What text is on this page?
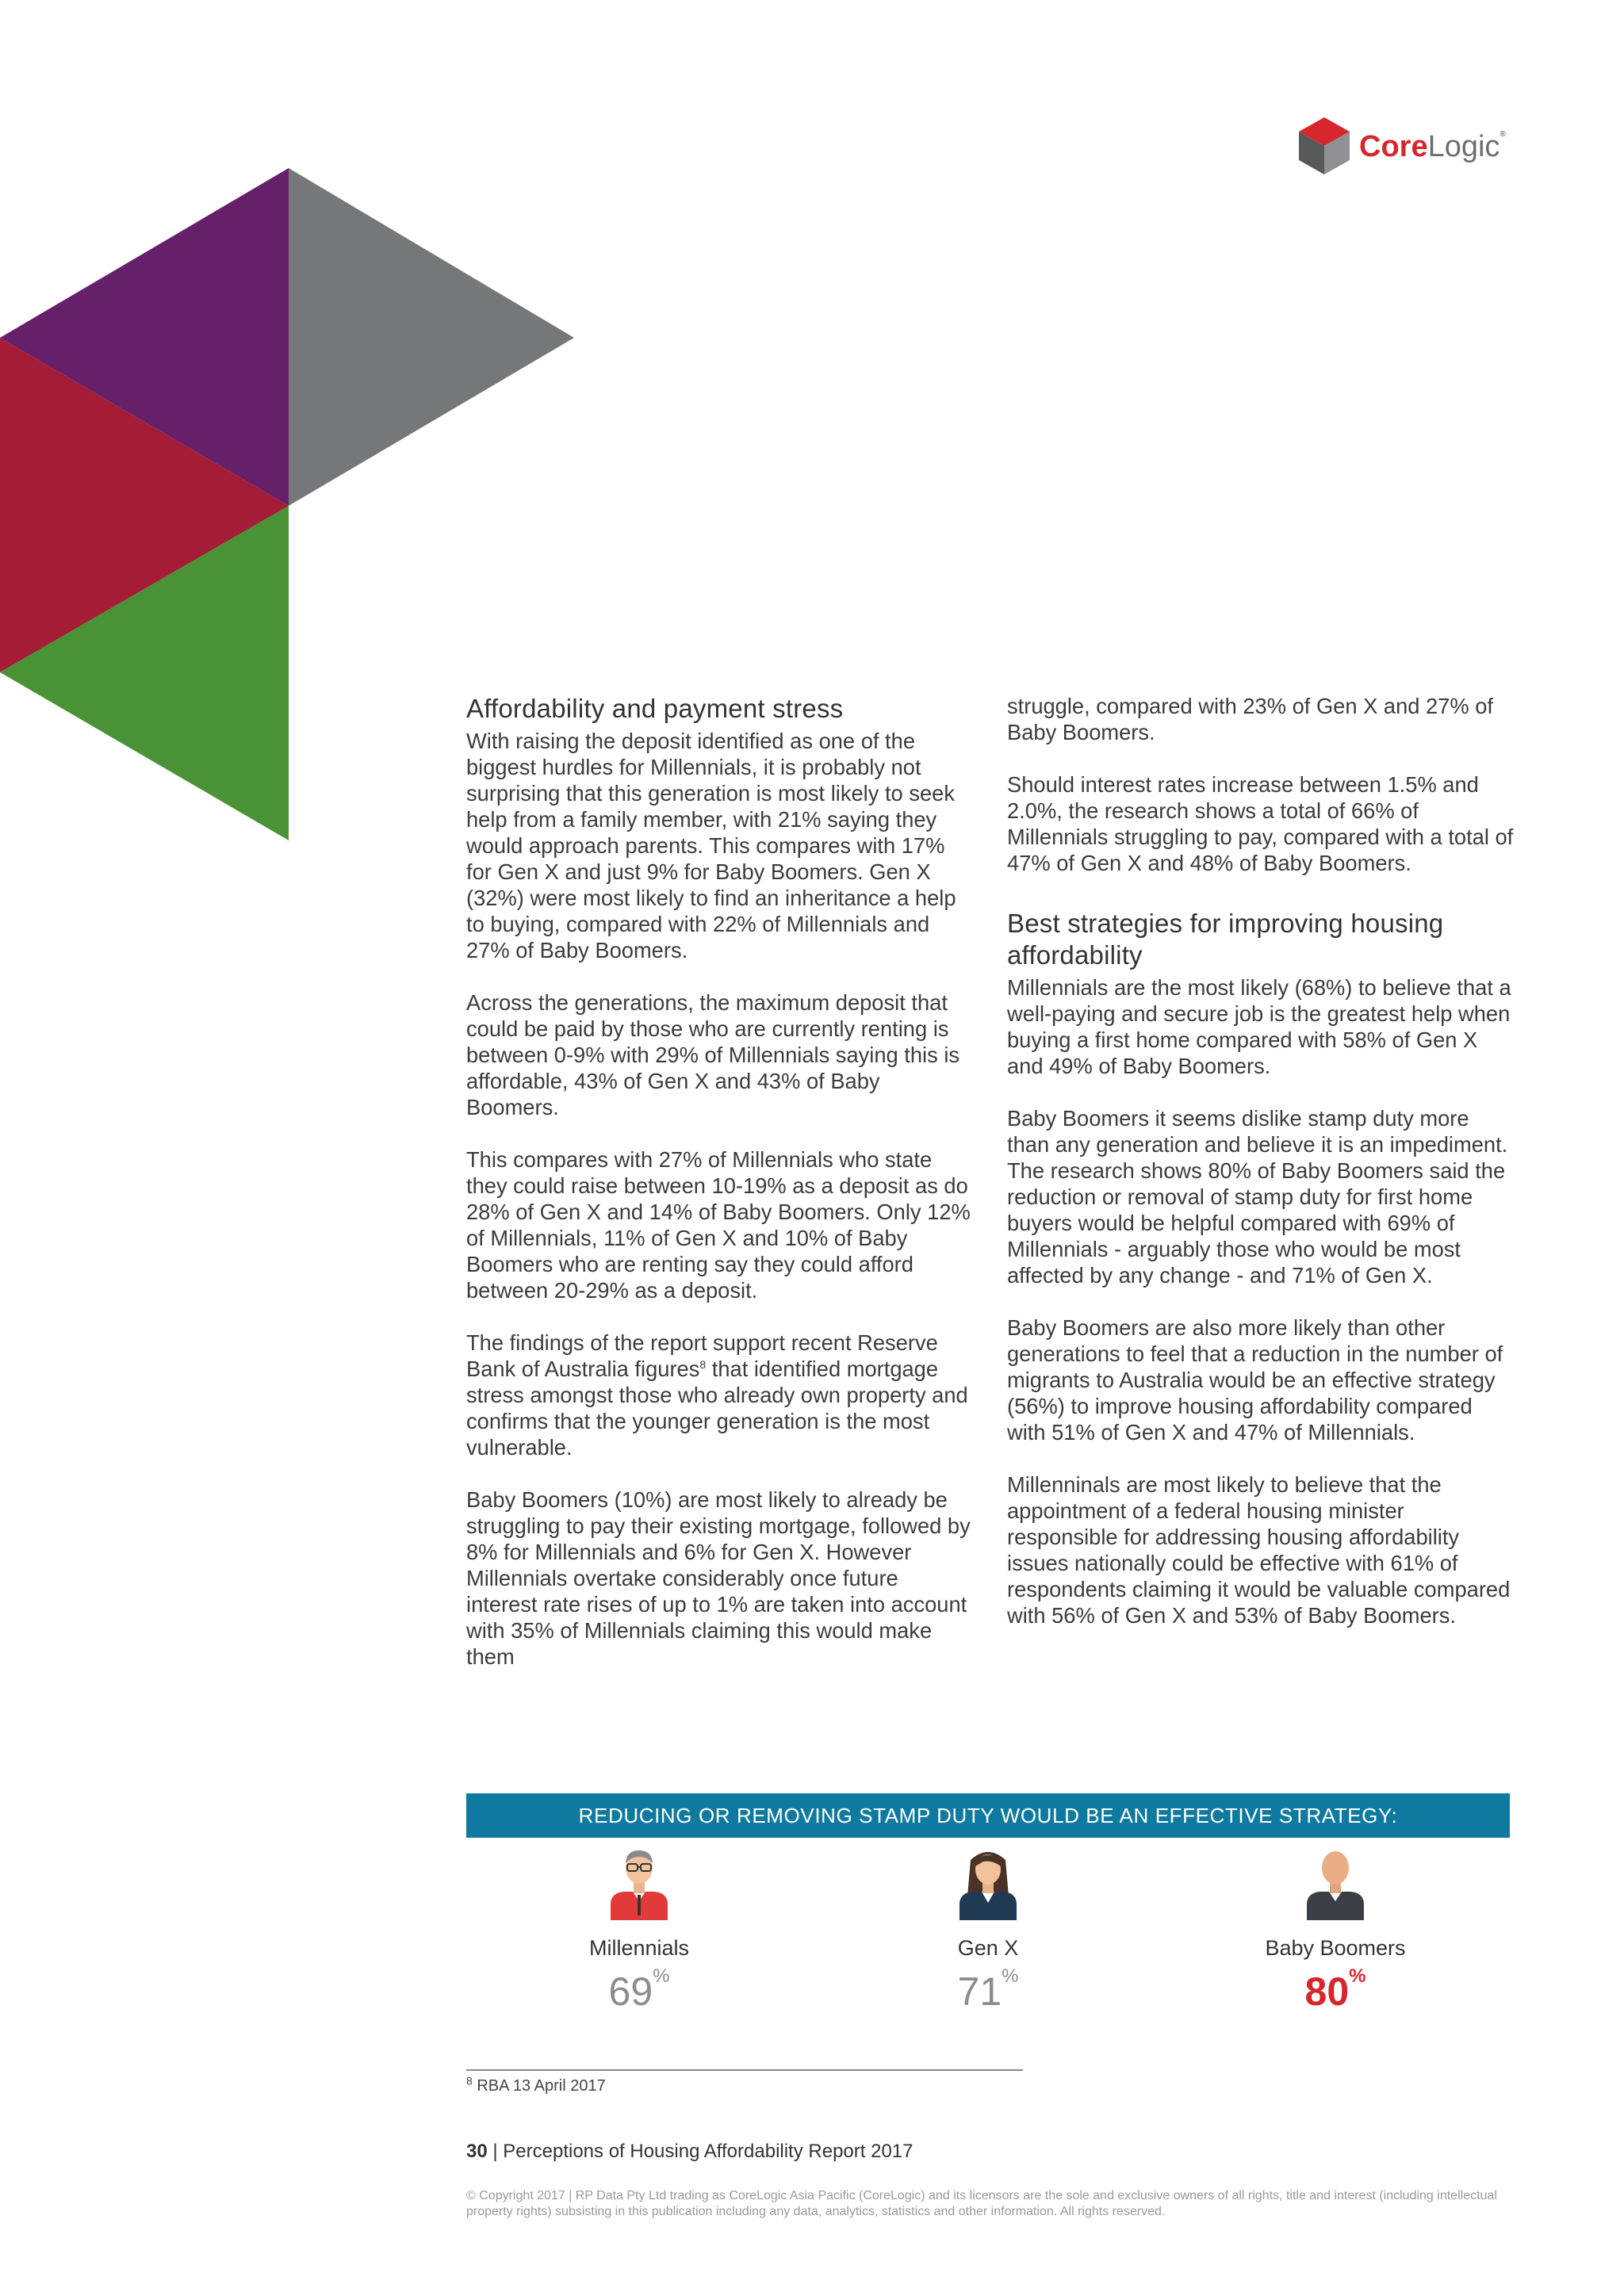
CoreLogic®
Affordability and payment stress

With raising the deposit identified as one of the biggest hurdles for Millennials, it is probably not surprising that this generation is most likely to seek help from a family member, with 21% saying they would approach parents. This compares with 17% for Gen X and just 9% for Baby Boomers. Gen X (32%) were most likely to find an inheritance a help to buying, compared with 22% of Millennials and 27% of Baby Boomers.

Across the generations, the maximum deposit that could be paid by those who are currently renting is between 0-9% with 29% of Millennials saying this is affordable, 43% of Gen X and 43% of Baby Boomers.

This compares with 27% of Millennials who state they could raise between 10-19% as a deposit as do 28% of Gen X and 14% of Baby Boomers. Only 12% of Millennials, 11% of Gen X and 10% of Baby Boomers who are renting say they could afford between 20-29% as a deposit.

The findings of the report support recent Reserve Bank of Australia figures$^8$ that identified mortgage stress amongst those who already own property and confirms that the younger generation is the most vulnerable.

Baby Boomers (10%) are most likely to already be struggling to pay their existing mortgage, followed by 8% for Millennials and 6% for Gen X. However Millennials overtake considerably once future interest rate rises of up to 1% are taken into account with 35% of Millennials claiming this would make them

struggle, compared with 23% of Gen X and 27% of Baby Boomers.

Should interest rates increase between 1.5% and 2.0%, the research shows a total of 66% of Millennials struggling to pay, compared with a total of 47% of Gen X and 48% of Baby Boomers.

Best strategies for improving housing affordability

Millennials are the most likely (68%) to believe that a well-paying and secure job is the greatest help when buying a first home compared with 58% of Gen X and 49% of Baby Boomers.

Baby Boomers it seems dislike stamp duty more than any generation and believe it is an impediment. The research shows 80% of Baby Boomers said the reduction or removal of stamp duty for first home buyers would be helpful compared with 69% of Millennials - arguably those who would be most affected by any change - and 71% of Gen X.

Baby Boomers are also more likely than other generations to feel that a reduction in the number of migrants to Australia would be an effective strategy (56%) to improve housing affordability compared with 51% of Gen X and 47% of Millennials.

Millenninals are most likely to believe that the appointment of a federal housing minister responsible for addressing housing affordability issues nationally could be effective with 61% of respondents claiming it would be valuable compared with 56% of Gen X and 53% of Baby Boomers.

REDUCING OR REMOVING STAMP DUTY WOULD BE AN EFFECTIVE STRATEGY:
Millennials
69%
Gen X
71%
Baby Boomers
80%
$^8$ RBA 13 April 2017
30 | Perceptions of Housing Affordability Report 2017
© Copyright 2017 | RP Data Pty Ltd trading as CoreLogic Asia Pacific (CoreLogic) and its licensors are the sole and exclusive owners of all rights, title and interest (including intellectual property rights) subsisting in this publication including any data, analytics, statistics and other information. All rights reserved.
